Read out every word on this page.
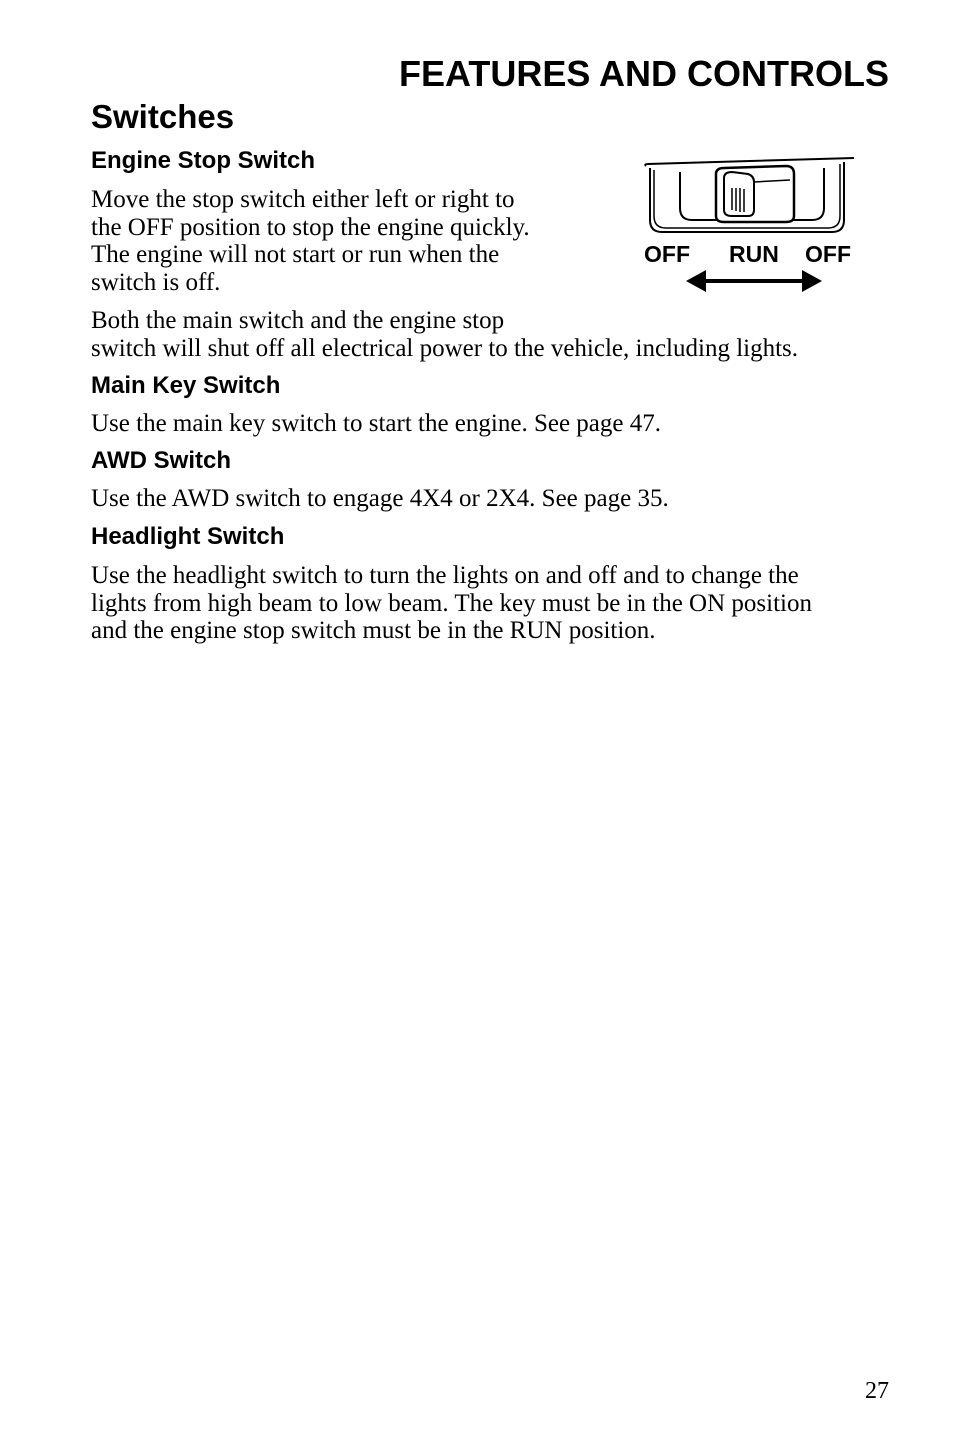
FEATURES AND CONTROLS
Switches
Engine Stop Switch

Move the stop switch either left or right to
the OFF position to stop the engine quickly.
The engine will not start or run when the
switch is off.

OFF RUN OFF

Both the main switch and the engine stop
switch will shut off all electrical power to the vehicle, including lights.

Main Key Switch

Use the main key switch to start the engine. See page 47.

AWD Switch

Use the AWD switch to engage 4X4 or 2X4. See page 35.

Headlight Switch

Use the headlight switch to turn the lights on and off and to change the
lights from high beam to low beam. The key must be in the ON position
and the engine stop switch must be in the RUN position.

27
